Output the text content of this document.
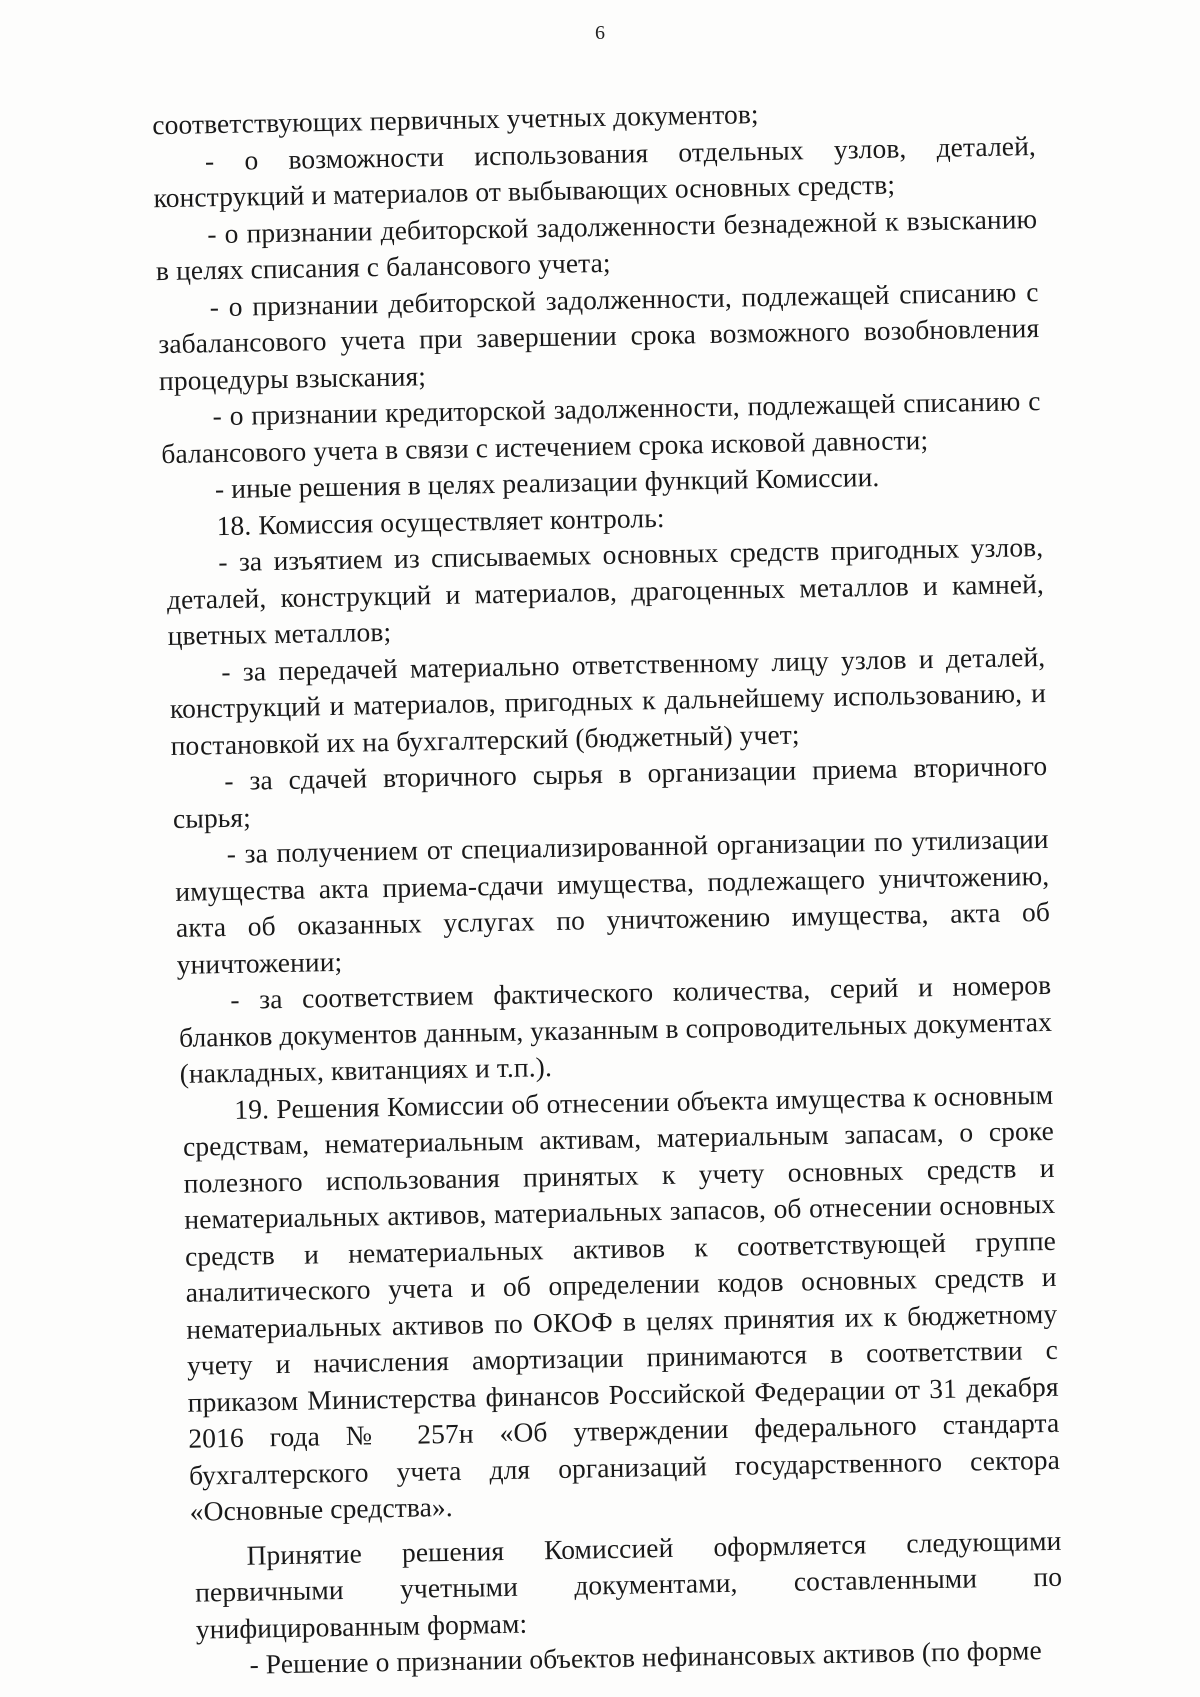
6

соответствующих первичных учетных документов;

- о возможности использования отдельных узлов, деталей, конструкций и материалов от выбывающих основных средств;

- о признании дебиторской задолженности безнадежной к взысканию в целях списания с балансового учета;

- о признании дебиторской задолженности, подлежащей списанию с забалансового учета при завершении срока возможного возобновления процедуры взыскания;

- о признании кредиторской задолженности, подлежащей списанию с балансового учета в связи с истечением срока исковой давности;

- иные решения в целях реализации функций Комиссии.

18. Комиссия осуществляет контроль:

- за изъятием из списываемых основных средств пригодных узлов, деталей, конструкций и материалов, драгоценных металлов и камней, цветных металлов;

- за передачей материально ответственному лицу узлов и деталей, конструкций и материалов, пригодных к дальнейшему использованию, и постановкой их на бухгалтерский (бюджетный) учет;

- за сдачей вторичного сырья в организации приема вторичного сырья;

- за получением от специализированной организации по утилизации имущества акта приема-сдачи имущества, подлежащего уничтожению, акта об оказанных услугах по уничтожению имущества, акта об уничтожении;

- за соответствием фактического количества, серий и номеров бланков документов данным, указанным в сопроводительных документах (накладных, квитанциях и т.п.).

19. Решения Комиссии об отнесении объекта имущества к основным средствам, нематериальным активам, материальным запасам, о сроке полезного использования принятых к учету основных средств и нематериальных активов, материальных запасов, об отнесении основных средств и нематериальных активов к соответствующей группе аналитического учета и об определении кодов основных средств и нематериальных активов по ОКОФ в целях принятия их к бюджетному учету и начисления амортизации принимаются в соответствии с приказом Министерства финансов Российской Федерации от 31 декабря 2016 года № 257н «Об утверждении федерального стандарта бухгалтерского учета для организаций государственного сектора «Основные средства».

Принятие решения Комиссией оформляется следующими первичными учетными документами, составленными по унифицированным формам:

- Решение о признании объектов нефинансовых активов (по форме
